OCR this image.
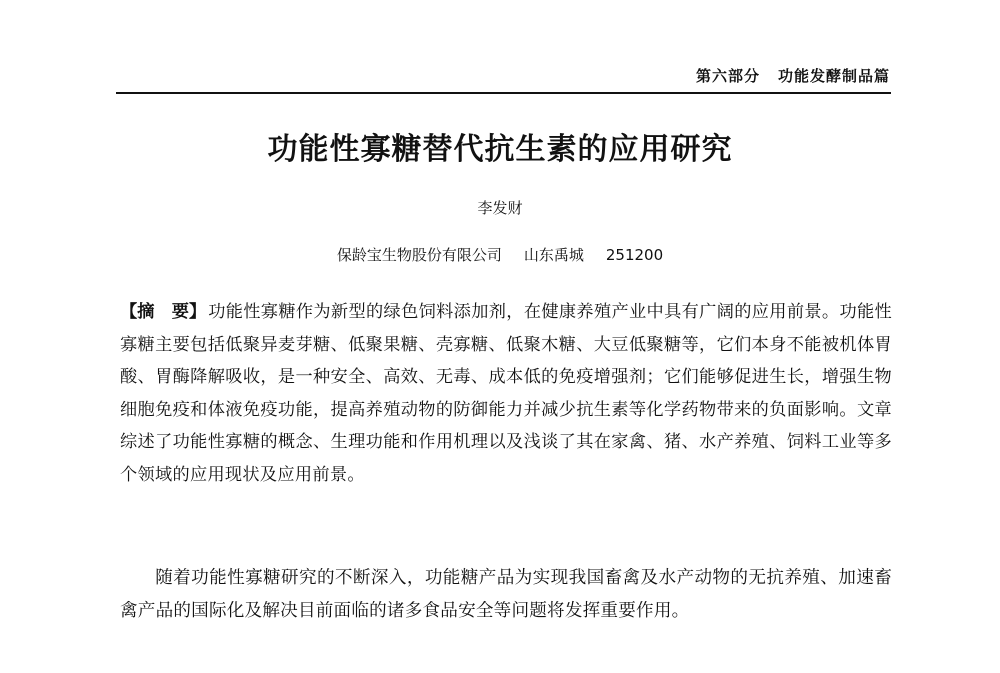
第六部分 功能发酵制品篇
功能性寡糖替代抗生素的应用研究
李发财
保龄宝生物股份有限公司 山东禹城 251200

【摘　要】 功能性寡糖作为新型的绿色饲料添加剂，在健康养殖产业中具有广阔的应用前景。功能性寡糖主要包括低聚异麦芽糖、低聚果糖、壳寡糖、低聚木糖、大豆低聚糖等，它们本身不能被机体胃酸、胃酶降解吸收，是一种安全、高效、无毒、成本低的免疫增强剂；它们能够促进生长，增强生物细胞免疫和体液免疫功能，提高养殖动物的防御能力并减少抗生素等化学药物带来的负面影响。文章综述了功能性寡糖的概念、生理功能和作用机理以及浅谈了其在家禽、猪、水产养殖、饲料工业等多个领域的应用现状及应用前景。

随着功能性寡糖研究的不断深入，功能糖产品为实现我国畜禽及水产动物的无抗养殖、加速畜禽产品的国际化及解决目前面临的诸多食品安全等问题将发挥重要作用。
